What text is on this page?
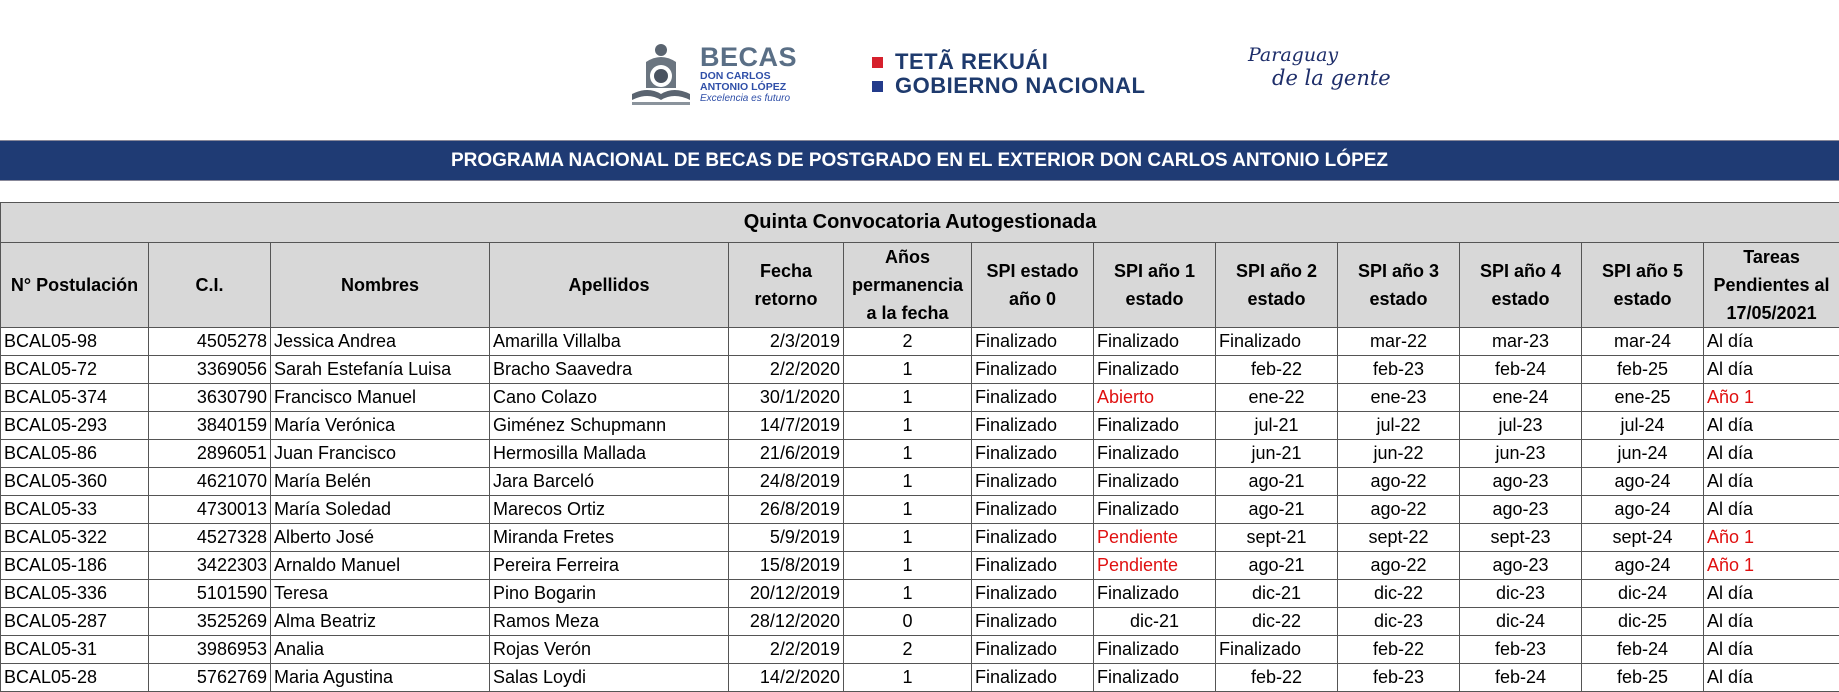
BECAS
DON CARLOS
ANTONIO LÓPEZ
Excelencia es futuro
TETÃ REKUÁI
GOBIERNO NACIONAL
Paraguay
de la gente
PROGRAMA NACIONAL DE BECAS DE POSTGRADO EN EL EXTERIOR DON CARLOS ANTONIO LÓPEZ
Quinta Convocatoria Autogestionada												
N° Postulación	C.I.	Nombres	Apellidos	Fecha retorno	Años permanencia a la fecha	SPI estado año 0	SPI año 1 estado	SPI año 2 estado	SPI año 3 estado	SPI año 4 estado	SPI año 5 estado	Tareas Pendientes al 17/05/2021
BCAL05-98	4505278	Jessica Andrea	Amarilla Villalba	2/3/2019	2	Finalizado	Finalizado	Finalizado	mar-22	mar-23	mar-24	Al día
BCAL05-72	3369056	Sarah Estefanía Luisa	Bracho Saavedra	2/2/2020	1	Finalizado	Finalizado	feb-22	feb-23	feb-24	feb-25	Al día
BCAL05-374	3630790	Francisco Manuel	Cano Colazo	30/1/2020	1	Finalizado	Abierto	ene-22	ene-23	ene-24	ene-25	Año 1
BCAL05-293	3840159	María Verónica	Giménez Schupmann	14/7/2019	1	Finalizado	Finalizado	jul-21	jul-22	jul-23	jul-24	Al día
BCAL05-86	2896051	Juan Francisco	Hermosilla Mallada	21/6/2019	1	Finalizado	Finalizado	jun-21	jun-22	jun-23	jun-24	Al día
BCAL05-360	4621070	María Belén	Jara Barceló	24/8/2019	1	Finalizado	Finalizado	ago-21	ago-22	ago-23	ago-24	Al día
BCAL05-33	4730013	María Soledad	Marecos Ortiz	26/8/2019	1	Finalizado	Finalizado	ago-21	ago-22	ago-23	ago-24	Al día
BCAL05-322	4527328	Alberto José	Miranda Fretes	5/9/2019	1	Finalizado	Pendiente	sept-21	sept-22	sept-23	sept-24	Año 1
BCAL05-186	3422303	Arnaldo Manuel	Pereira Ferreira	15/8/2019	1	Finalizado	Pendiente	ago-21	ago-22	ago-23	ago-24	Año 1
BCAL05-336	5101590	Teresa	Pino Bogarin	20/12/2019	1	Finalizado	Finalizado	dic-21	dic-22	dic-23	dic-24	Al día
BCAL05-287	3525269	Alma Beatriz	Ramos Meza	28/12/2020	0	Finalizado	dic-21	dic-22	dic-23	dic-24	dic-25	Al día
BCAL05-31	3986953	Analia	Rojas Verón	2/2/2019	2	Finalizado	Finalizado	Finalizado	feb-22	feb-23	feb-24	Al día
BCAL05-28	5762769	Maria Agustina	Salas Loydi	14/2/2020	1	Finalizado	Finalizado	feb-22	feb-23	feb-24	feb-25	Al día
